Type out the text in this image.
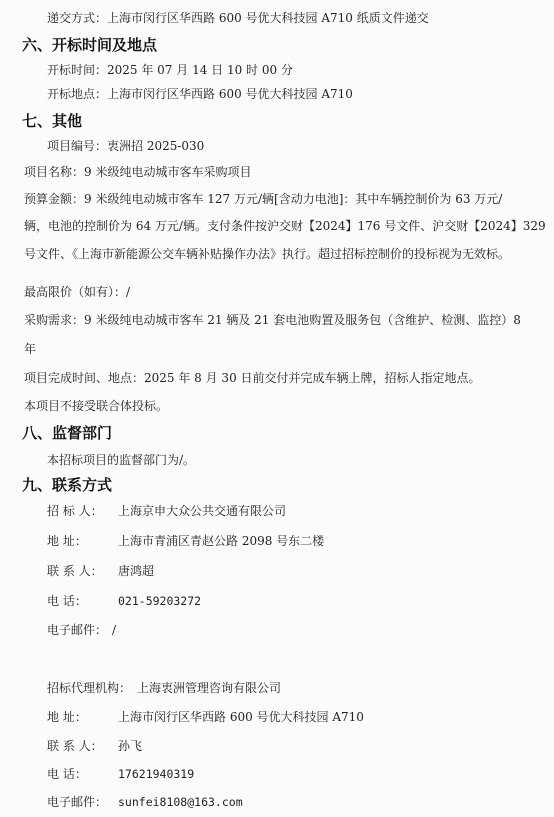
递交方式：上海市闵行区华西路 600 号优大科技园 A710 纸质文件递交
六、开标时间及地点
开标时间：2025 年 07 月 14 日 10 时 00 分
开标地点：上海市闵行区华西路 600 号优大科技园 A710
七、其他
项目编号：衷洲招 2025-030
项目名称：9 米级纯电动城市客车采购项目
预算金额：9 米级纯电动城市客车 127 万元/辆[含动力电池]：其中车辆控制价为 63 万元/
辆，电池的控制价为 64 万元/辆。支付条件按沪交财【2024】176 号文件、沪交财【2024】329
号文件、《上海市新能源公交车辆补贴操作办法》执行。超过招标控制价的投标视为无效标。
最高限价（如有）：/
采购需求：9 米级纯电动城市客车 21 辆及 21 套电池购置及服务包（含维护、检测、监控）8
年
项目完成时间、地点：2025 年 8 月 30 日前交付并完成车辆上牌，招标人指定地点。
本项目不接受联合体投标。
八、监督部门
本招标项目的监督部门为/。
九、联系方式
招 标 人： 上海京申大众公共交通有限公司
地 址：	上海市青浦区青赵公路 2098 号东二楼
联 系 人： 唐鸿超
电 话：	021-59203272
电子邮件： /
招标代理机构： 上海衷洲管理咨询有限公司
地 址：	上海市闵行区华西路 600 号优大科技园 A710
联 系 人： 孙飞
电 话：	17621940319
电子邮件： sunfei8108@163.com
